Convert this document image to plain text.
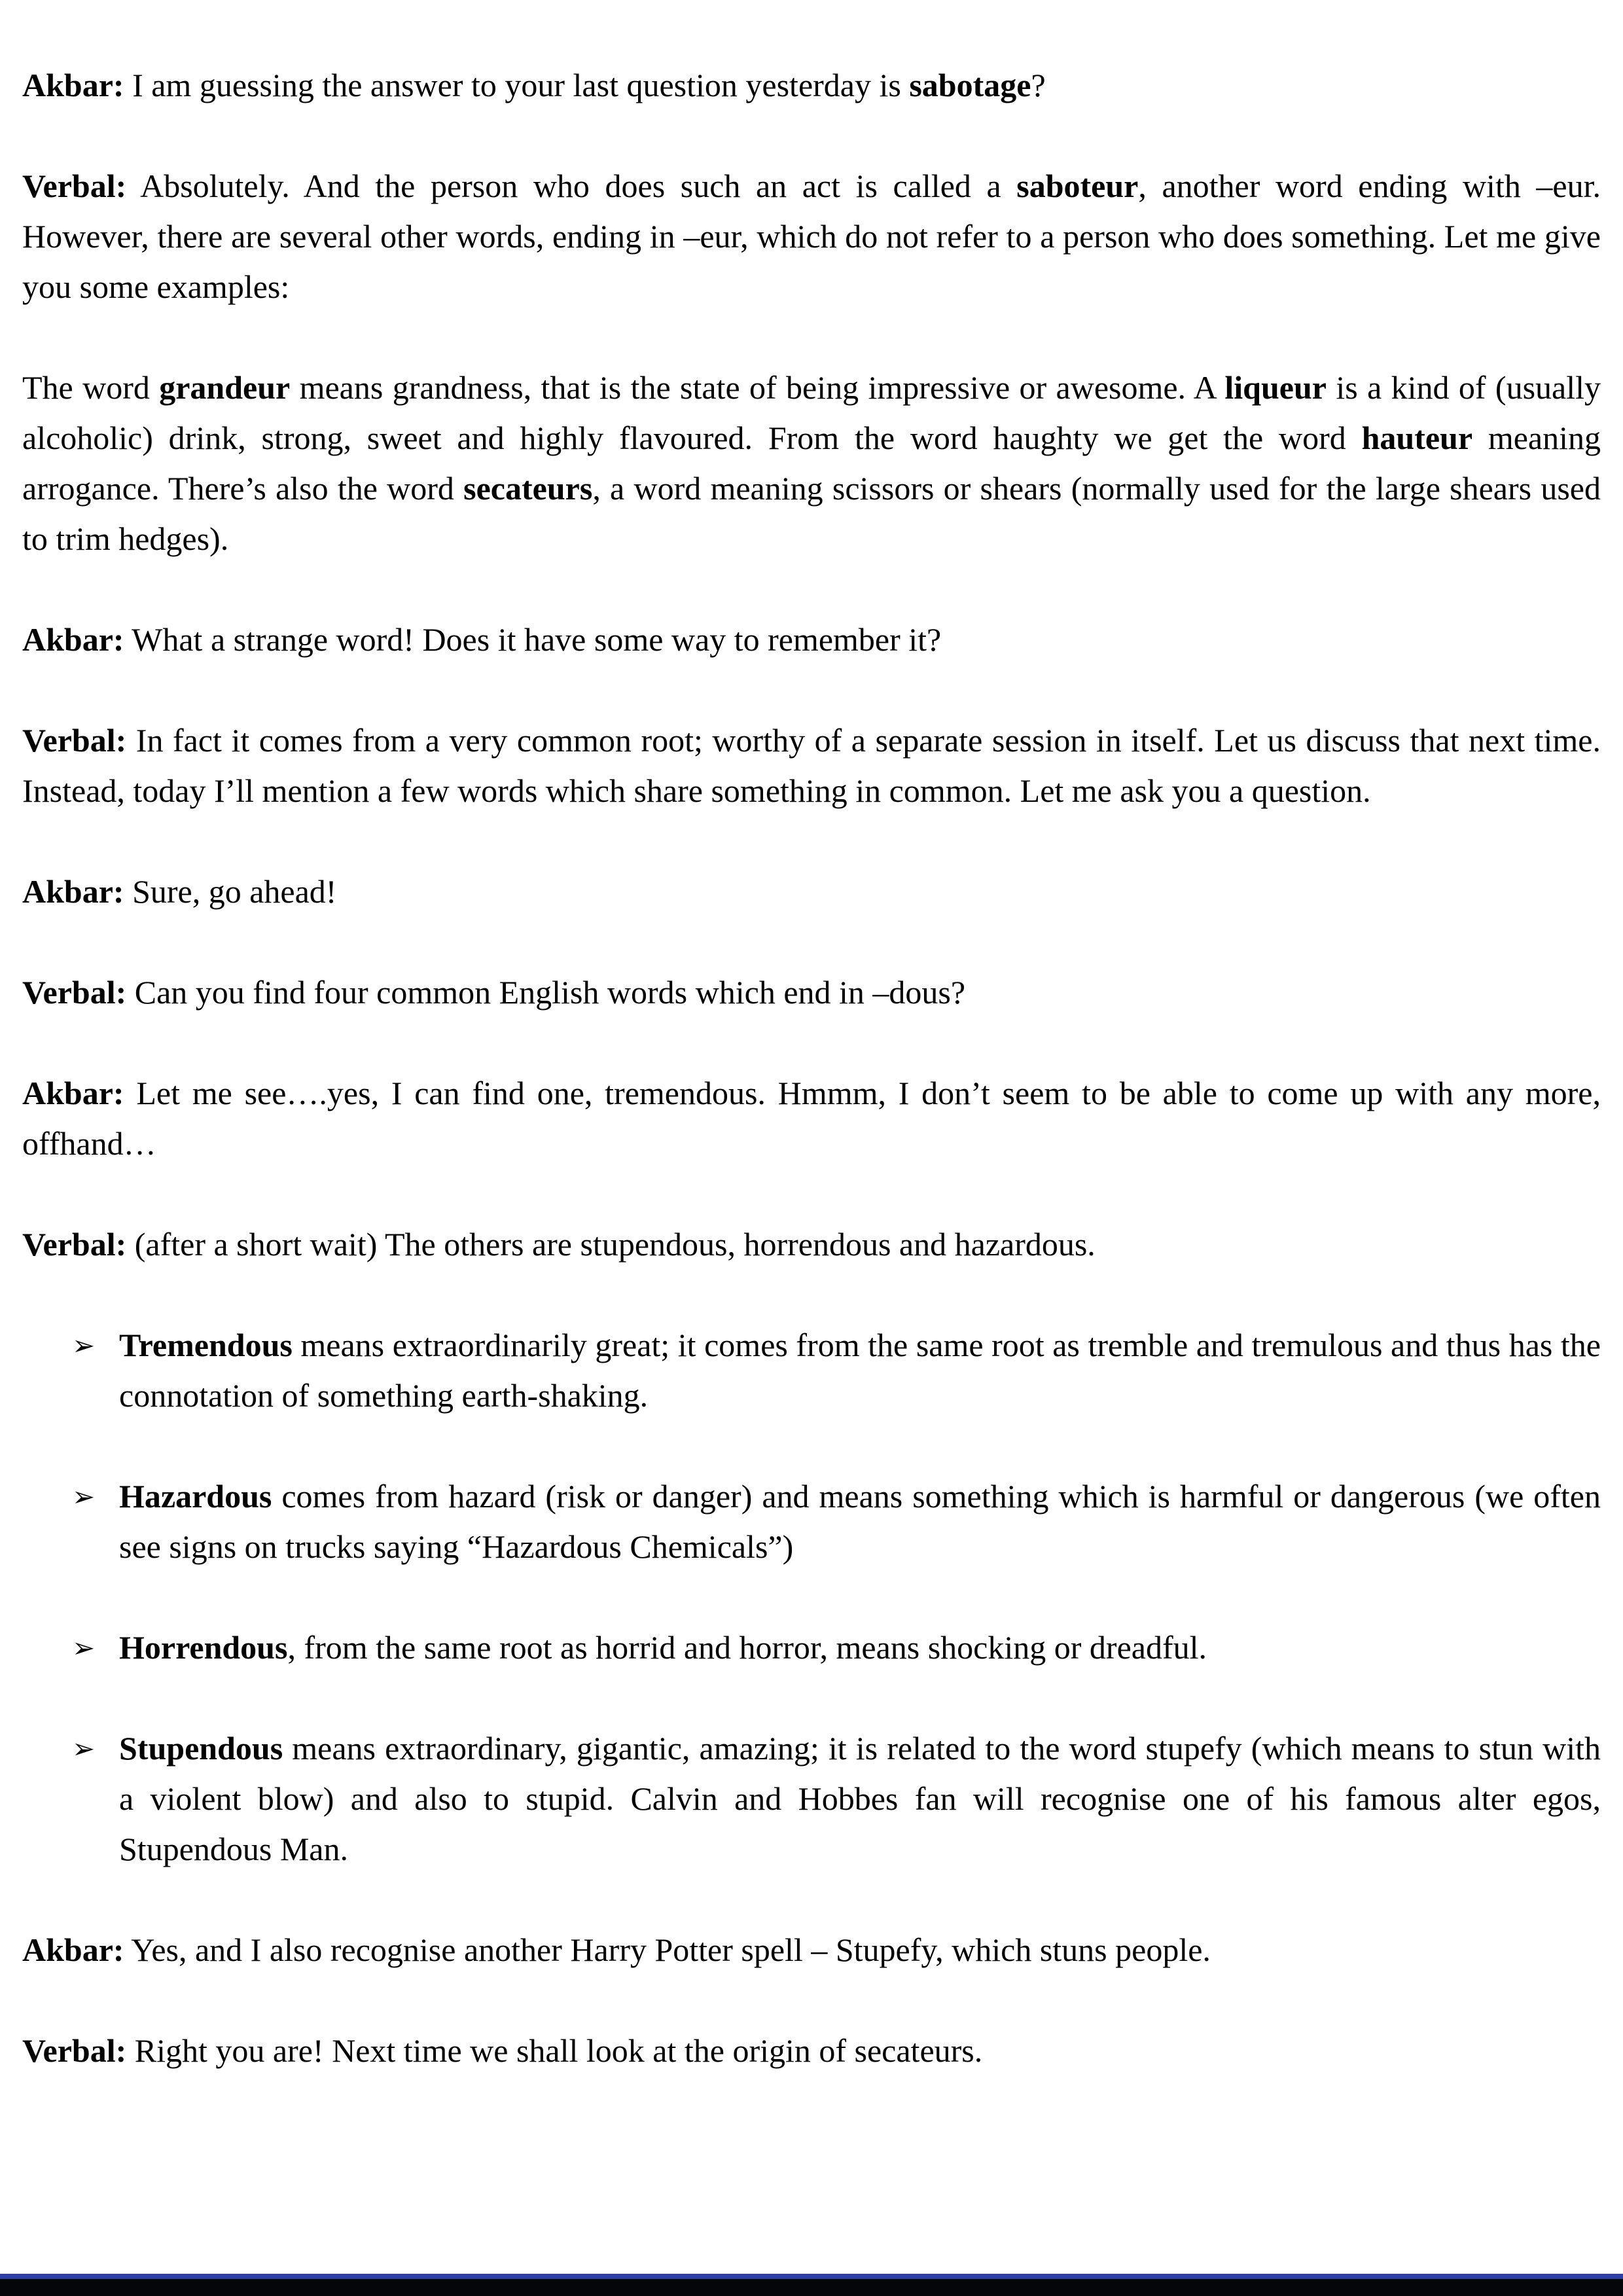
Akbar: I am guessing the answer to your last question yesterday is sabotage?
Verbal: Absolutely. And the person who does such an act is called a saboteur, another word ending with –eur. However, there are several other words, ending in –eur, which do not refer to a person who does something. Let me give you some examples:
The word grandeur means grandness, that is the state of being impressive or awesome. A liqueur is a kind of (usually alcoholic) drink, strong, sweet and highly flavoured. From the word haughty we get the word hauteur meaning arrogance. There’s also the word secateurs, a word meaning scissors or shears (normally used for the large shears used to trim hedges).
Akbar: What a strange word! Does it have some way to remember it?
Verbal: In fact it comes from a very common root; worthy of a separate session in itself. Let us discuss that next time. Instead, today I’ll mention a few words which share something in common. Let me ask you a question.
Akbar: Sure, go ahead!
Verbal: Can you find four common English words which end in –dous?
Akbar: Let me see….yes, I can find one, tremendous. Hmmm, I don’t seem to be able to come up with any more, offhand…
Verbal: (after a short wait) The others are stupendous, horrendous and hazardous.
➢ Tremendous means extraordinarily great; it comes from the same root as tremble and tremulous and thus has the connotation of something earth-shaking.
➢ Hazardous comes from hazard (risk or danger) and means something which is harmful or dangerous (we often see signs on trucks saying “Hazardous Chemicals”)
➢ Horrendous, from the same root as horrid and horror, means shocking or dreadful.
➢ Stupendous means extraordinary, gigantic, amazing; it is related to the word stupefy (which means to stun with a violent blow) and also to stupid. Calvin and Hobbes fan will recognise one of his famous alter egos, Stupendous Man.
Akbar: Yes, and I also recognise another Harry Potter spell – Stupefy, which stuns people.
Verbal: Right you are! Next time we shall look at the origin of secateurs.
